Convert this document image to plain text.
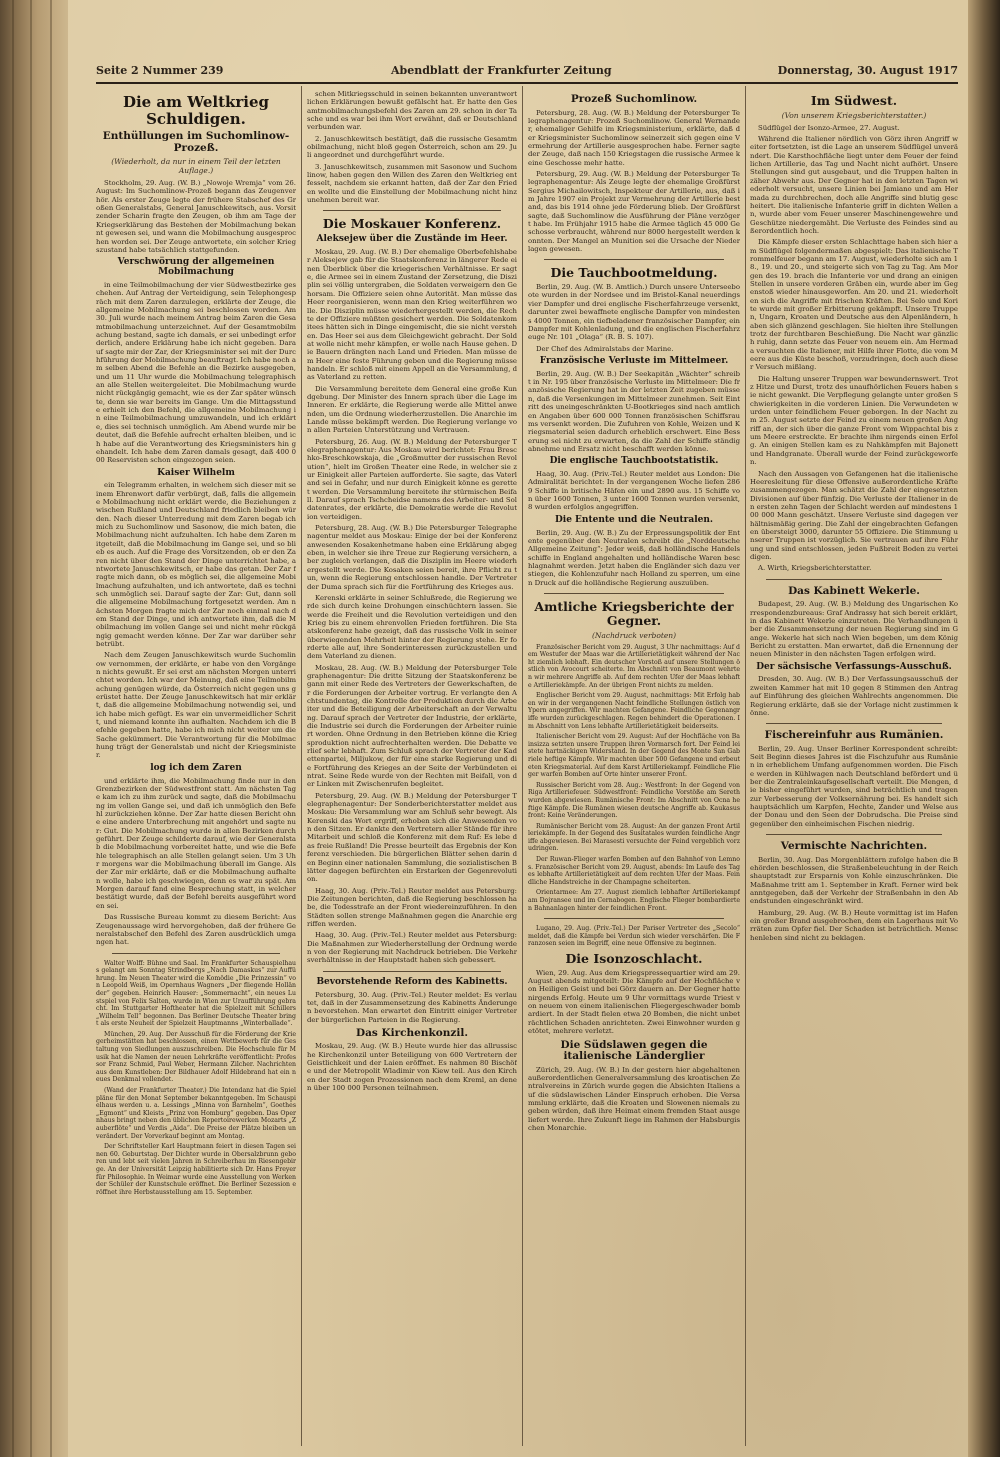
Seite 2 Nummer 239	Abendblatt der Frankfurter Zeitung	Donnerstag, 30. August 1917
Die am Weltkrieg Schuldigen.
Enthüllungen im Suchomlinow-Prozeß.
(Wiederholt, da nur in einem Teil der letzten Auflage.)

Stockholm, 29. Aug. (W. B.) „Nowoje Wremja“ vom 26. August: Im Suchomlinow-Prozeß begann das Zeugenverhör. Als erster Zeuge legte der frühere Stabschef des Großen Generalstabs, General Januschkewitsch, aus. Vorsitzender Scharin fragte den Zeugen, ob ihm am Tage der Kriegserklärung das Bestehen der Mobilmachung bekannt gewesen sei, und wann die Mobilmachung ausgesprochen worden sei. Der Zeuge antwortete, ein solcher Kriegszustand habe tatsächlich stattgefunden.

Verschwörung der allgemeinen Mobilmachung

in eine Teilmobilmachung der vier Südwestbezirke geschehen. Auf Antrag der Verteidigung, sein Telephongespräch mit dem Zaren darzulegen, erklärte der Zeuge, die allgemeine Mobilmachung sei beschlossen worden. Am 30. Juli wurde nach meinem Antrag beim Zaren die Gesamtmobilmachung unterzeichnet. Auf der Gesamtmobilmachung bestand, sagte ich damals, er sei unbedingt erforderlich, andere Erklärung habe ich nicht gegeben. Darauf sagte mir der Zar, der Kriegsminister sei mit der Durchführung der Mobilmachung beauftragt. Ich habe noch am selben Abend die Befehle an die Bezirke ausgegeben, und um 11 Uhr wurde die Mobilmachung telegraphisch an alle Stellen weitergeleitet. Die Mobilmachung wurde nicht rückgängig gemacht, wie es der Zar später wünschte, denn sie war bereits im Gange. Um die Mittagsstunde erhielt ich den Befehl, die allgemeine Mobilmachung in eine Teilmobilmachung umzuwandeln, und ich erklärte, dies sei technisch unmöglich. Am Abend wurde mir bedeutet, daß die Befehle aufrecht erhalten bleiben, und ich habe auf die Verantwortung des Kriegsministers hin gehandelt. Ich habe dem Zaren damals gesagt, daß 400 000 Reservisten schon eingezogen seien.

Kaiser Wilhelm

ein Telegramm erhalten, in welchem sich dieser mit seinem Ehrenwort dafür verbürgt, daß, falls die allgemeine Mobilmachung nicht erklärt werde, die Beziehungen zwischen Rußland und Deutschland friedlich bleiben würden. Nach dieser Unterredung mit dem Zaren begab ich mich zu Suchomlinow und Sasonow, die mich baten, die Mobilmachung nicht aufzuhalten. Ich habe dem Zaren mitgeteilt, daß die Mobilmachung im Gange sei, und so blieb es auch. Auf die Frage des Vorsitzenden, ob er den Zaren nicht über den Stand der Dinge unterrichtet habe, antwortete Januschkewitsch, er habe das getan. Der Zar fragte mich dann, ob es möglich sei, die allgemeine Mobilmachung aufzuhalten, und ich antwortete, daß es technisch unmöglich sei. Darauf sagte der Zar: Gut, dann soll die allgemeine Mobilmachung fortgesetzt werden. Am nächsten Morgen fragte mich der Zar noch einmal nach dem Stand der Dinge, und ich antwortete ihm, daß die Mobilmachung im vollen Gange sei und nicht mehr rückgängig gemacht werden könne. Der Zar war darüber sehr betrübt.

Nach dem Zeugen Januschkewitsch wurde Suchomlinow vernommen, der erklärte, er habe von den Vorgängen nichts gewußt. Er sei erst am nächsten Morgen unterrichtet worden. Ich war der Meinung, daß eine Teilmobilmachung genügen würde, da Österreich nicht gegen uns gerüstet hatte. Der Zeuge Januschkewitsch hat mir erklärt, daß die allgemeine Mobilmachung notwendig sei, und ich habe mich gefügt. Es war ein unvermeidlicher Schritt, und niemand konnte ihn aufhalten. Nachdem ich die Befehle gegeben hatte, habe ich mich nicht weiter um die Sache gekümmert. Die Verantwortung für die Mobilmachung trägt der Generalstab und nicht der Kriegsminister.

log ich dem Zaren

und erklärte ihm, die Mobilmachung finde nur in den Grenzbezirken der Südwestfront statt. Am nächsten Tage kam ich zu ihm zurück und sagte, daß die Mobilmachung im vollen Gange sei, und daß ich unmöglich den Befehl zurückziehen könne. Der Zar hatte diesen Bericht ohne eine andere Unterbrechung mit angehört und sagte nur: Gut. Die Mobilmachung wurde in allen Bezirken durchgeführt. Der Zeuge schilderte darauf, wie der Generalstab die Mobilmachung vorbereitet hatte, und wie die Befehle telegraphisch an alle Stellen gelangt seien. Um 3 Uhr morgens war die Mobilmachung überall im Gange. Als der Zar mir erklärte, daß er die Mobilmachung aufhalten wolle, habe ich geschwiegen, denn es war zu spät. Am Morgen darauf fand eine Besprechung statt, in welcher bestätigt wurde, daß der Befehl bereits ausgeführt worden sei.

Das Russische Bureau kommt zu diesem Bericht: Aus Zeugenaussage wird hervorgehoben, daß der frühere Generalstabschef den Befehl des Zaren ausdrücklich umgangen hat.

Walter Wolff: Bühne und Saal. Im Frankfurter Schauspielhaus gelangt am Sonntag Strindbergs „Nach Damaskus“ zur Aufführung. Im Neuen Theater wird die Komödie „Die Prinzessin“ von Leopold Weiß, im Opernhaus Wagners „Der fliegende Holländer“ gegeben. Heinrich Hauser: „Sommernacht“, ein neues Lustspiel von Felix Salten, wurde in Wien zur Uraufführung gebracht. Im Stuttgarter Hoftheater hat die Spielzeit mit Schillers „Wilhelm Tell“ begonnen. Das Berliner Deutsche Theater bringt als erste Neuheit der Spielzeit Hauptmanns „Winterballade“.

München, 29. Aug. Der Ausschuß für die Förderung der Kriegerheimstätten hat beschlossen, einen Wettbewerb für die Gestaltung von Siedlungen auszuschreiben. Die Hochschule für Musik hat die Namen der neuen Lehrkräfte veröffentlicht: Professor Franz Schmid, Paul Weber, Hermann Zilcher. Nachrichten aus dem Kunstleben: Der Bildhauer Adolf Hildebrand hat ein neues Denkmal vollendet.

(Wand der Frankfurter Theater.) Die Intendanz hat die Spielpläne für den Monat September bekanntgegeben. Im Schauspielhaus werden u. a. Lessings „Minna von Barnhelm“, Goethes „Egmont“ und Kleists „Prinz von Homburg“ gegeben. Das Opernhaus bringt neben den üblichen Repertoirewerken Mozarts „Zauberflöte“ und Verdis „Aida“. Die Preise der Plätze bleiben unverändert. Der Vorverkauf beginnt am Montag.

Der Schriftsteller Karl Hauptmann feiert in diesen Tagen seinen 60. Geburtstag. Der Dichter wurde in Obersalzbrunn geboren und lebt seit vielen Jahren in Schreiberhau im Riesengebirge. An der Universität Leipzig habilitierte sich Dr. Hans Freyer für Philosophie. In Weimar wurde eine Ausstellung von Werken der Schüler der Kunstschule eröffnet. Die Berliner Sezession eröffnet ihre Herbstausstellung am 15. September.

schen Mitkriegsschuld in seinen bekannten unverantwortlichen Erklärungen bewußt gefälscht hat. Er hatte den Gesamtmobilmachungsbefehl des Zaren am 29. schon in der Tasche und es war bei ihm Wort erwähnt, daß er Deutschland verbunden war.

2. Januschkewitsch bestätigt, daß die russische Gesamtmobilmachung, nicht bloß gegen Österreich, schon am 29. Juli angeordnet und durchgeführt wurde.

3. Januschkewitsch, zusammen mit Sasonow und Suchomlinow, haben gegen den Willen des Zaren den Weltkrieg entfesselt, nachdem sie erkannt hatten, daß der Zar den Frieden wollte und die Einstellung der Mobilmachung nicht hinzunehmen bereit war.

Die Moskauer Konferenz.
Aleksejew über die Zustände im Heer.

Moskau, 29. Aug. (W. B.) Der ehemalige Oberbefehlshaber Aleksejew gab für die Staatskonferenz in längerer Rede einen Überblick über die kriegerischen Verhältnisse. Er sagte, die Armee sei in einem Zustand der Zersetzung, die Disziplin sei völlig untergraben, die Soldaten verweigern den Gehorsam. Die Offiziere seien ohne Autorität. Man müsse das Heer reorganisieren, wenn man den Krieg weiterführen wolle. Die Disziplin müsse wiederhergestellt werden, die Rechte der Offiziere müßten gesichert werden. Die Soldatenkomitees hätten sich in Dinge eingemischt, die sie nicht verstehen. Das Heer sei aus dem Gleichgewicht gebracht. Der Soldat wolle nicht mehr kämpfen, er wolle nach Hause gehen. Die Bauern drängten nach Land und Frieden. Man müsse dem Heer eine feste Führung geben und die Regierung müsse handeln. Er schloß mit einem Appell an die Versammlung, das Vaterland zu retten.

Die Versammlung bereitete dem General eine große Kundgebung. Der Minister des Innern sprach über die Lage im Inneren. Er erklärte, die Regierung werde alle Mittel anwenden, um die Ordnung wiederherzustellen. Die Anarchie im Lande müsse bekämpft werden. Die Regierung verlange von allen Parteien Unterstützung und Vertrauen.

Petersburg, 26. Aug. (W. B.) Meldung der Petersburger Telegraphenagentur: Aus Moskau wird berichtet: Frau Breschko-Breschkowskaja, die „Großmutter der russischen Revolution“, hielt im Großen Theater eine Rede, in welcher sie zur Einigkeit aller Parteien aufforderte. Sie sagte, das Vaterland sei in Gefahr, und nur durch Einigkeit könne es gerettet werden. Die Versammlung bereitete ihr stürmischen Beifall. Darauf sprach Tschcheidse namens des Arbeiter- und Soldatenrates, der erklärte, die Demokratie werde die Revolution verteidigen.

Petersburg, 28. Aug. (W. B.) Die Petersburger Telegraphenagentur meldet aus Moskau: Einige der bei der Konferenz anwesenden Kosakenhetmane haben eine Erklärung abgegeben, in welcher sie ihre Treue zur Regierung versichern, aber zugleich verlangen, daß die Disziplin im Heere wiederhergestellt werde. Die Kosaken seien bereit, ihre Pflicht zu tun, wenn die Regierung entschlossen handle. Der Vertreter der Duma sprach sich für die Fortführung des Krieges aus.

Kerenski erklärte in seiner Schlußrede, die Regierung werde sich durch keine Drohungen einschüchtern lassen. Sie werde die Freiheit und die Revolution verteidigen und den Krieg bis zu einem ehrenvollen Frieden fortführen. Die Staatskonferenz habe gezeigt, daß das russische Volk in seiner überwiegenden Mehrheit hinter der Regierung stehe. Er forderte alle auf, ihre Sonderinteressen zurückzustellen und dem Vaterland zu dienen.

Moskau, 28. Aug. (W. B.) Meldung der Petersburger Telegraphenagentur: Die dritte Sitzung der Staatskonferenz begann mit einer Rede des Vertreters der Gewerkschaften, der die Forderungen der Arbeiter vortrug. Er verlangte den Achtstundentag, die Kontrolle der Produktion durch die Arbeiter und die Beteiligung der Arbeiterschaft an der Verwaltung. Darauf sprach der Vertreter der Industrie, der erklärte, die Industrie sei durch die Forderungen der Arbeiter ruiniert worden. Ohne Ordnung in den Betrieben könne die Kriegsproduktion nicht aufrechterhalten werden. Die Debatte verlief sehr lebhaft. Zum Schluß sprach der Vertreter der Kadettenpartei, Miljukow, der für eine starke Regierung und die Fortführung des Krieges an der Seite der Verbündeten eintrat. Seine Rede wurde von der Rechten mit Beifall, von der Linken mit Zwischenrufen begleitet.

Petersburg, 29. Aug. (W. B.) Meldung der Petersburger Telegraphenagentur: Der Sonderberichterstatter meldet aus Moskau: Die Versammlung war am Schluß sehr bewegt. Als Kerenski das Wort ergriff, erhoben sich die Anwesenden von den Sitzen. Er dankte den Vertretern aller Stände für ihre Mitarbeit und schloß die Konferenz mit dem Ruf: Es lebe das freie Rußland! Die Presse beurteilt das Ergebnis der Konferenz verschieden. Die bürgerlichen Blätter sehen darin den Beginn einer nationalen Sammlung, die sozialistischen Blätter dagegen befürchten ein Erstarken der Gegenrevolution.

Haag, 30. Aug. (Priv.-Tel.) Reuter meldet aus Petersburg: Die Zeitungen berichten, daß die Regierung beschlossen habe, die Todesstrafe an der Front wiedereinzuführen. In den Städten sollen strenge Maßnahmen gegen die Anarchie ergriffen werden.

Haag, 30. Aug. (Priv.-Tel.) Reuter meldet aus Petersburg: Die Maßnahmen zur Wiederherstellung der Ordnung werden von der Regierung mit Nachdruck betrieben. Die Verkehrsverhältnisse in der Hauptstadt haben sich gebessert.

Bevorstehende Reform des Kabinetts.

Petersburg, 30. Aug. (Priv.-Tel.) Reuter meldet: Es verlautet, daß in der Zusammensetzung des Kabinetts Änderungen bevorstehen. Man erwartet den Eintritt einiger Vertreter der bürgerlichen Parteien in die Regierung.

Das Kirchenkonzil.

Moskau, 29. Aug. (W. B.) Heute wurde hier das allrussische Kirchenkonzil unter Beteiligung von 600 Vertretern der Geistlichkeit und der Laien eröffnet. Es nahmen 80 Bischöfe und der Metropolit Wladimir von Kiew teil. Aus den Kirchen der Stadt zogen Prozessionen nach dem Kreml, an denen über 100 000 Personen teilnahmen.

Prozeß Suchomlinow.

Petersburg, 28. Aug. (W. B.) Meldung der Petersburger Telegraphenagentur: Prozeß Suchomlinow. General Wernander, ehemaliger Gehilfe im Kriegsministerium, erklärte, daß der Kriegsminister Suchomlinow seinerzeit sich gegen eine Vermehrung der Artillerie ausgesprochen habe. Ferner sagte der Zeuge, daß nach 150 Kriegstagen die russische Armee keine Geschosse mehr hatte.

Petersburg, 29. Aug. (W. B.) Meldung der Petersburger Telegraphenagentur: Als Zeuge legte der ehemalige Großfürst Sergius Michailowitsch, Inspekteur der Artillerie, aus, daß im Jahre 1907 ein Projekt zur Vermehrung der Artillerie bestand, das bis 1914 ohne jede Förderung blieb. Der Großfürst sagte, daß Suchomlinow die Ausführung der Pläne verzögert habe. Im Frühjahr 1915 habe die Armee täglich 45 000 Geschosse verbraucht, während nur 8000 hergestellt werden konnten. Der Mangel an Munition sei die Ursache der Niederlagen gewesen.

Die Tauchbootmeldung.

Berlin, 29. Aug. (W. B. Amtlich.) Durch unsere Unterseeboote wurden in der Nordsee und im Bristol-Kanal neuerdings vier Dampfer und drei englische Fischerfahrzeuge versenkt, darunter zwei bewaffnete englische Dampfer von mindestens 4000 Tonnen, ein tiefbeladener französischer Dampfer, ein Dampfer mit Kohlenladung, und die englischen Fischerfahrzeuge Nr. 101 „Olaga“ (R. B. S. 107).

Der Chef des Admiralstabs der Marine.

Französische Verluste im Mittelmeer.

Berlin, 29. Aug. (W. B.) Der Seekapitän „Wächter“ schreibt in Nr. 195 über französische Verluste im Mittelmeer: Die französische Regierung hat in der letzten Zeit zugeben müssen, daß die Versenkungen im Mittelmeer zunehmen. Seit Eintritt des uneingeschränkten U-Bootkrieges sind nach amtlichen Angaben über 600 000 Tonnen französischen Schiffsraums versenkt worden. Die Zufuhren von Kohle, Weizen und Kriegsmaterial seien dadurch erheblich erschwert. Eine Besserung sei nicht zu erwarten, da die Zahl der Schiffe ständig abnehme und Ersatz nicht beschafft werden könne.

Die englische Tauchbootstatistik.

Haag, 30. Aug. (Priv.-Tel.) Reuter meldet aus London: Die Admiralität berichtet: In der vergangenen Woche liefen 2869 Schiffe in britische Häfen ein und 2890 aus. 15 Schiffe von über 1600 Tonnen, 3 unter 1600 Tonnen wurden versenkt, 8 wurden erfolglos angegriffen.

Die Entente und die Neutralen.

Berlin, 29. Aug. (W. B.) Zu der Erpressungspolitik der Entente gegenüber den Neutralen schreibt die „Norddeutsche Allgemeine Zeitung“: Jeder weiß, daß holländische Handelsschiffe in England angehalten und holländische Waren beschlagnahmt werden. Jetzt haben die Engländer sich dazu verstiegen, die Kohlenzufuhr nach Holland zu sperren, um einen Druck auf die holländische Regierung auszuüben.

Amtliche Kriegsberichte der Gegner.
(Nachdruck verboten)

Französischer Bericht vom 29. August, 3 Uhr nachmittags: Auf dem Westufer der Maas war die Artillerietätigkeit während der Nacht ziemlich lebhaft. Ein deutscher Vorstoß auf unsere Stellungen östlich von Avocourt scheiterte. Im Abschnitt von Beaumont wehrten wir mehrere Angriffe ab. Auf dem rechten Ufer der Maas lebhafte Artilleriekämpfe. An der übrigen Front nichts zu melden.

Englischer Bericht vom 29. August, nachmittags: Mit Erfolg haben wir in der vergangenen Nacht feindliche Stellungen östlich von Ypern angegriffen. Wir machten Gefangene. Feindliche Gegenangriffe wurden zurückgeschlagen. Regen behindert die Operationen. Im Abschnitt von Lens lebhafte Artillerietätigkeit beiderseits.

Italienischer Bericht vom 29. August: Auf der Hochfläche von Bainsizza setzten unsere Truppen ihren Vormarsch fort. Der Feind leistete hartnäckigen Widerstand. In der Gegend des Monte San Gabriele heftige Kämpfe. Wir machten über 500 Gefangene und erbeuteten Kriegsmaterial. Auf dem Karst Artilleriekampf. Feindliche Flieger warfen Bomben auf Orte hinter unserer Front.

Russischer Bericht vom 28. Aug.: Westfront: In der Gegend von Riga Artilleriefeuer. Südwestfront: Feindliche Vorstöße am Sereth wurden abgewiesen. Rumänische Front: Im Abschnitt von Ocna heftige Kämpfe. Die Rumänen wiesen deutsche Angriffe ab. Kaukasusfront: Keine Veränderungen.

Rumänischer Bericht vom 28. August: An der ganzen Front Artilleriekämpfe. In der Gegend des Susitatales wurden feindliche Angriffe abgewiesen. Bei Marasesti versuchte der Feind vergeblich vorzudringen.

Der Ruwan-Flieger warfen Bomben auf den Bahnhof von Lemnos. Französischer Bericht vom 29. August, abends: Im Laufe des Tages lebhafte Artillerietätigkeit auf dem rechten Ufer der Maas. Feindliche Handstreiche in der Champagne scheiterten.

Orientarmee: Am 27. August ziemlich lebhafter Artilleriekampf am Dojransee und im Cernabogen. Englische Flieger bombardierten Bahnanlagen hinter der feindlichen Front.

Lugano, 29. Aug. (Priv.-Tel.) Der Pariser Vertreter des „Secolo“ meldet, daß die Kämpfe bei Verdun sich wieder verschärfen. Die Franzosen seien im Begriff, eine neue Offensive zu beginnen.

Die Isonzoschlacht.

Wien, 29. Aug. Aus dem Kriegspressequartier wird am 29. August abends mitgeteilt: Die Kämpfe auf der Hochfläche von Heiligen Geist und bei Görz dauern an. Der Gegner hatte nirgends Erfolg. Heute um 9 Uhr vormittags wurde Triest von neuem von einem italienischen Fliegergeschwader bombardiert. In der Stadt fielen etwa 20 Bomben, die nicht unbeträchtlichen Schaden anrichteten. Zwei Einwohner wurden getötet, mehrere verletzt.

Die Südslawen gegen die italienische Länderglier

Zürich, 29. Aug. (W. B.) In der gestern hier abgehaltenen außerordentlichen Generalversammlung des kroatischen Zentralvereins in Zürich wurde gegen die Absichten Italiens auf die südslawischen Länder Einspruch erhoben. Die Versammlung erklärte, daß die Kroaten und Slowenen niemals zugeben würden, daß ihre Heimat einem fremden Staat ausgeliefert werde. Ihre Zukunft liege im Rahmen der Habsburgischen Monarchie.

Im Südwest.
(Von unserem Kriegsberichterstatter.)

Südflügel der Isonzo-Armee, 27. August.

Während die Italiener nördlich von Görz ihren Angriff weiter fortsetzten, ist die Lage an unserem Südflügel unverändert. Die Karsthochfläche liegt unter dem Feuer der feindlichen Artillerie, das Tag und Nacht nicht aufhört. Unsere Stellungen sind gut ausgebaut, und die Truppen halten in zäher Abwehr aus. Der Gegner hat in den letzten Tagen wiederholt versucht, unsere Linien bei Jamiano und am Hermada zu durchbrechen, doch alle Angriffe sind blutig gescheitert. Die italienische Infanterie griff in dichten Wellen an, wurde aber vom Feuer unserer Maschinengewehre und Geschütze niedergemäht. Die Verluste des Feindes sind außerordentlich hoch.

Die Kämpfe dieser ersten Schlachttage haben sich hier am Südflügel folgendermaßen abgespielt: Das italienische Trommelfeuer begann am 17. August, wiederholte sich am 18., 19. und 20., und steigerte sich von Tag zu Tag. Am Morgen des 19. brach die Infanterie vor und drang an einigen Stellen in unsere vorderen Gräben ein, wurde aber im Gegenstoß wieder hinausgeworfen. Am 20. und 21. wiederholten sich die Angriffe mit frischen Kräften. Bei Selo und Korite wurde mit großer Erbitterung gekämpft. Unsere Truppen, Ungarn, Kroaten und Deutsche aus den Alpenländern, haben sich glänzend geschlagen. Sie hielten ihre Stellungen trotz der furchtbaren Beschießung. Die Nacht war gänzlich ruhig, dann setzte das Feuer von neuem ein. Am Hermada versuchten die Italiener, mit Hilfe ihrer Flotte, die vom Meere aus die Küste beschoß, vorzudringen, doch auch dieser Versuch mißlang.

Die Haltung unserer Truppen war bewundernswert. Trotz Hitze und Durst, trotz des unaufhörlichen Feuers haben sie nicht gewankt. Die Verpflegung gelangte unter großen Schwierigkeiten in die vorderen Linien. Die Verwundeten wurden unter feindlichem Feuer geborgen. In der Nacht zum 25. August setzte der Feind zu einem neuen großen Angriff an, der sich über die ganze Front vom Wippachtal bis zum Meere erstreckte. Er brachte ihm nirgends einen Erfolg. An einigen Stellen kam es zu Nahkämpfen mit Bajonett und Handgranate. Überall wurde der Feind zurückgeworfen.

Nach den Aussagen von Gefangenen hat die italienische Heeresleitung für diese Offensive außerordentliche Kräfte zusammengezogen. Man schätzt die Zahl der eingesetzten Divisionen auf über fünfzig. Die Verluste der Italiener in den ersten zehn Tagen der Schlacht werden auf mindestens 100 000 Mann geschätzt. Unsere Verluste sind dagegen verhältnismäßig gering. Die Zahl der eingebrachten Gefangenen übersteigt 3000, darunter 55 Offiziere. Die Stimmung unserer Truppen ist vorzüglich. Sie vertrauen auf ihre Führung und sind entschlossen, jeden Fußbreit Boden zu verteidigen.

A. Wirth, Kriegsberichterstatter.

Das Kabinett Wekerle.

Budapest, 29. Aug. (W. B.) Meldung des Ungarischen Korrespondenzbureaus: Graf Andrassy hat sich bereit erklärt, in das Kabinett Wekerle einzutreten. Die Verhandlungen über die Zusammensetzung der neuen Regierung sind im Gange. Wekerle hat sich nach Wien begeben, um dem König Bericht zu erstatten. Man erwartet, daß die Ernennung der neuen Minister in den nächsten Tagen erfolgen wird.

Der sächsische Verfassungs-Ausschuß.

Dresden, 30. Aug. (W. B.) Der Verfassungsausschuß der zweiten Kammer hat mit 10 gegen 8 Stimmen den Antrag auf Einführung des gleichen Wahlrechts angenommen. Die Regierung erklärte, daß sie der Vorlage nicht zustimmen könne.

Fischereinfuhr aus Rumänien.

Berlin, 29. Aug. Unser Berliner Korrespondent schreibt: Seit Beginn dieses Jahres ist die Fischzufuhr aus Rumänien in erheblichem Umfang aufgenommen worden. Die Fische werden in Kühlwagen nach Deutschland befördert und über die Zentraleinkaufsgesellschaft verteilt. Die Mengen, die bisher eingeführt wurden, sind beträchtlich und tragen zur Verbesserung der Volksernährung bei. Es handelt sich hauptsächlich um Karpfen, Hechte, Zander und Welse aus der Donau und den Seen der Dobrudscha. Die Preise sind gegenüber den einheimischen Fischen niedrig.

Vermischte Nachrichten.

Berlin, 30. Aug. Das Morgenblättern zufolge haben die Behörden beschlossen, die Straßenbeleuchtung in der Reichshauptstadt zur Ersparnis von Kohle einzuschränken. Die Maßnahme tritt am 1. September in Kraft. Ferner wird bekanntgegeben, daß der Verkehr der Straßenbahn in den Abendstunden eingeschränkt wird.

Hamburg, 29. Aug. (W. B.) Heute vormittag ist im Hafen ein großer Brand ausgebrochen, dem ein Lagerhaus mit Vorräten zum Opfer fiel. Der Schaden ist beträchtlich. Menschenleben sind nicht zu beklagen.
